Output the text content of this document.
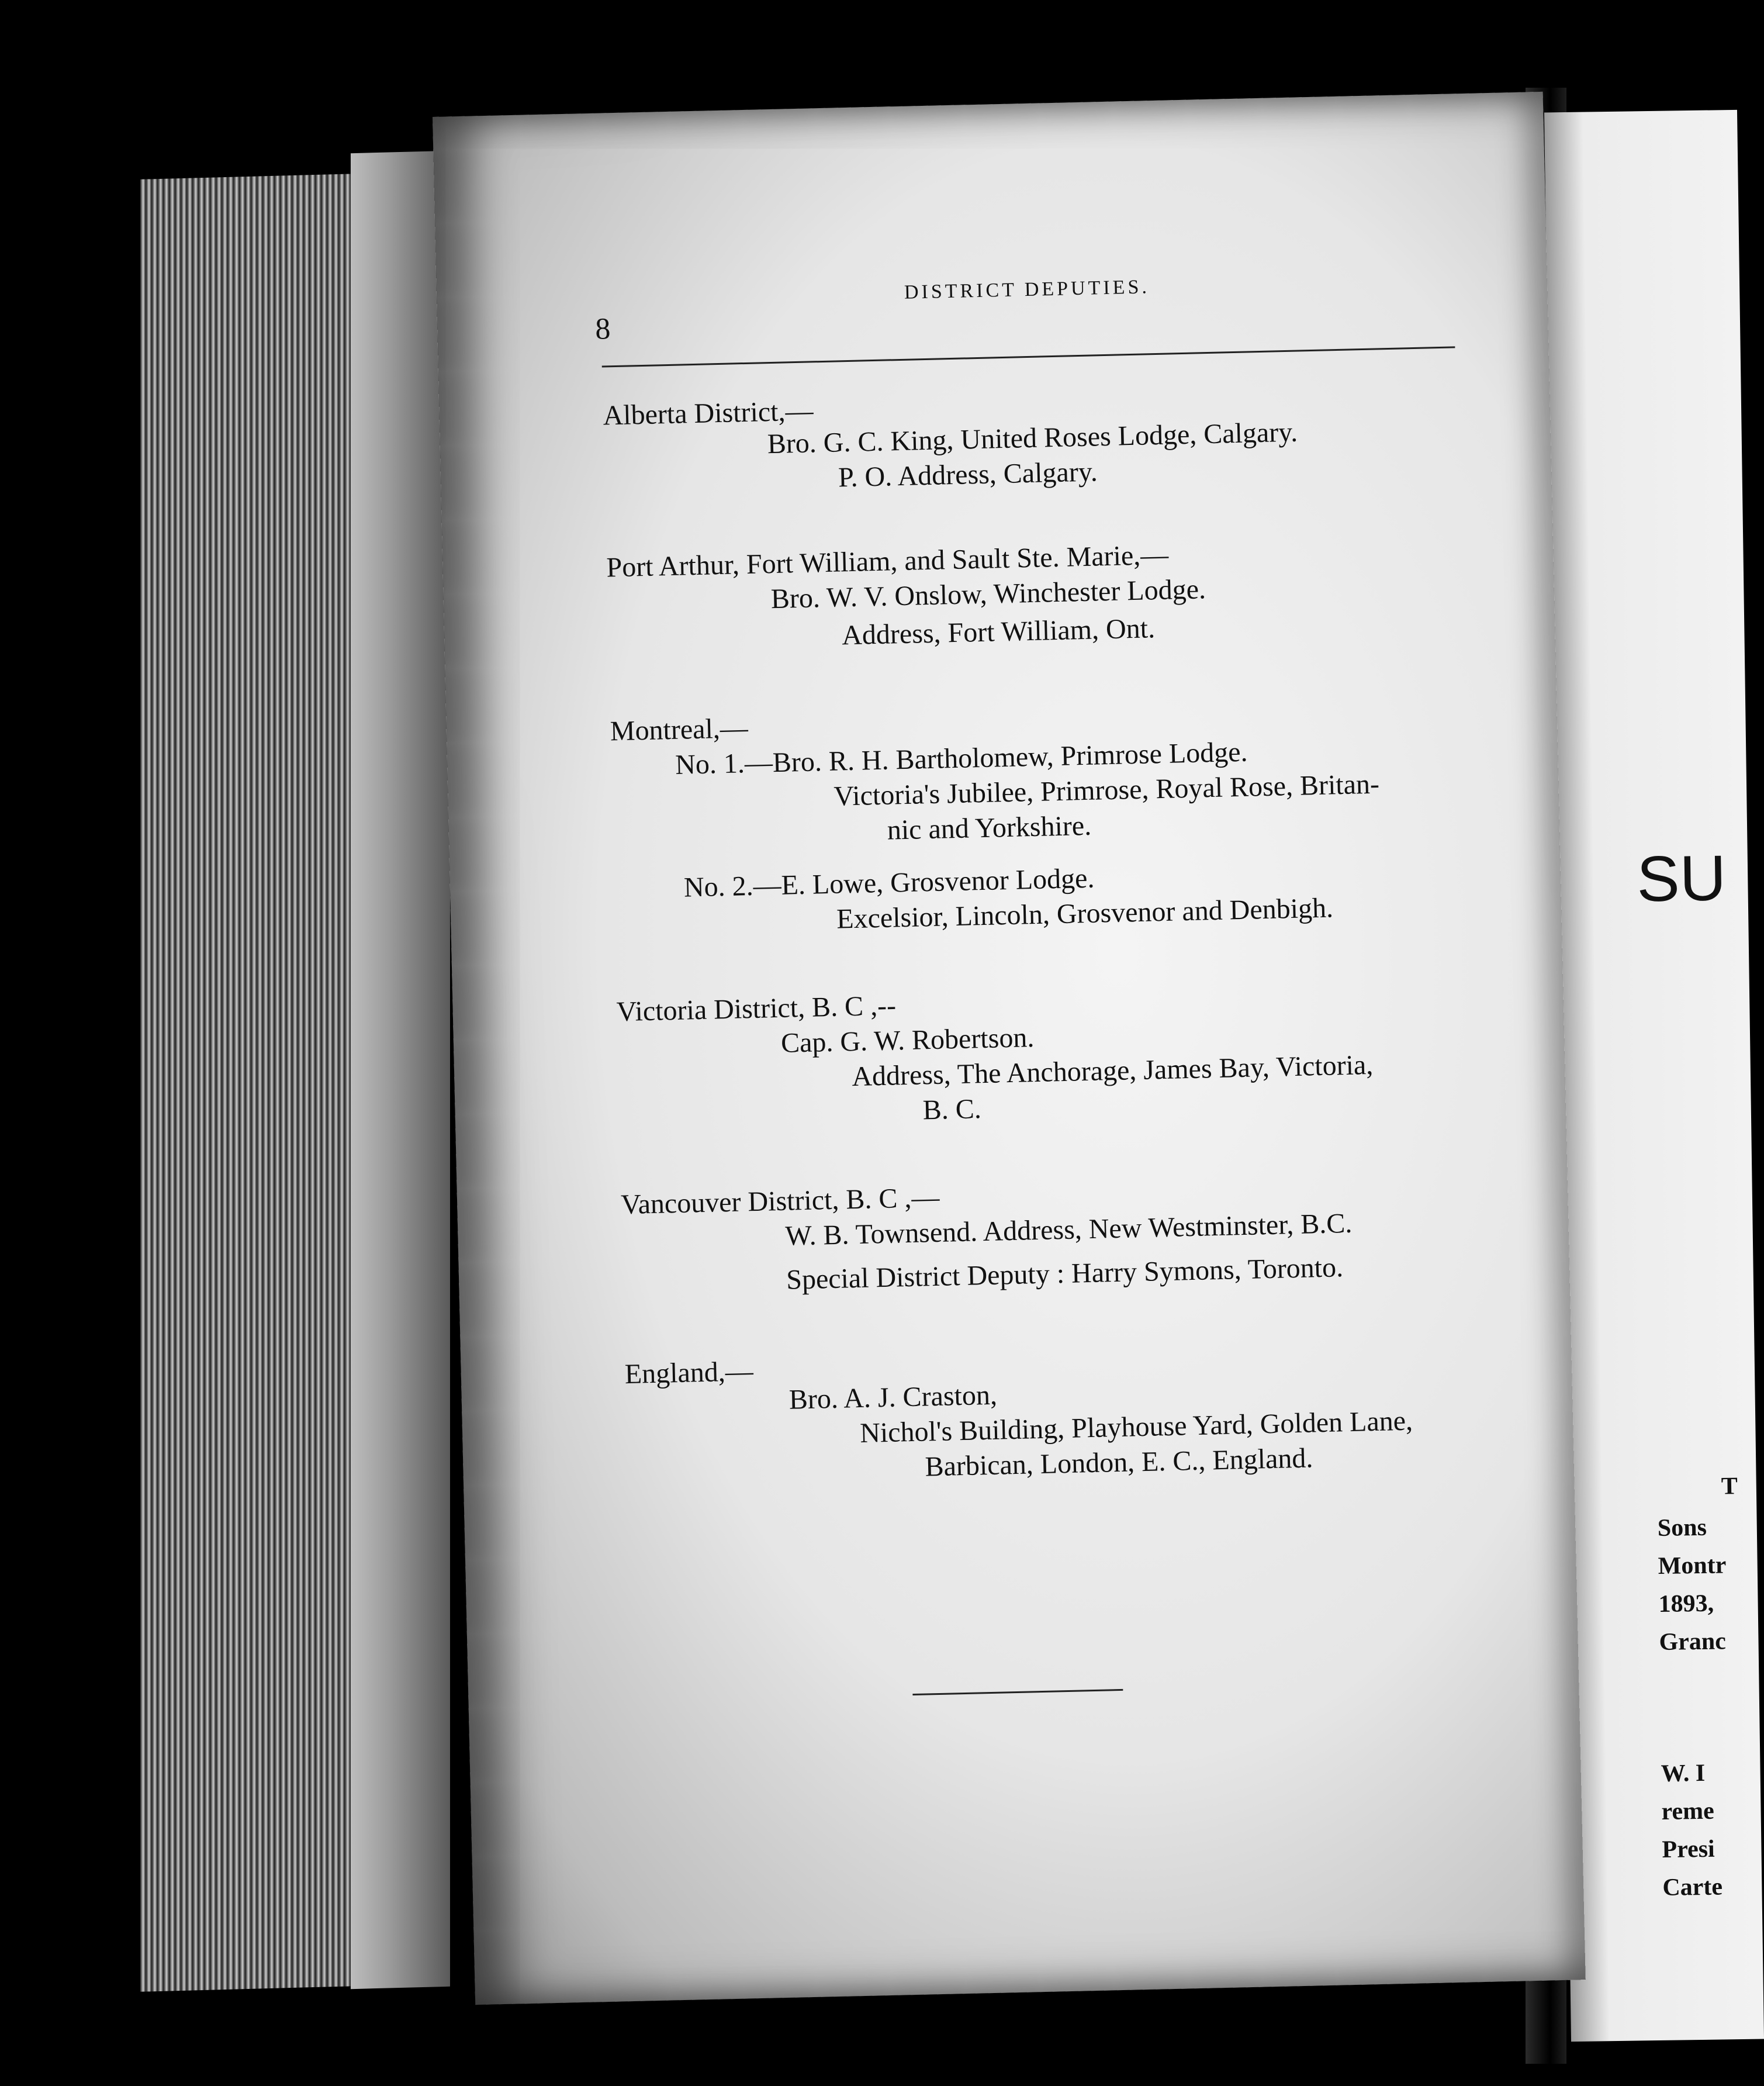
SU
T
Sons
Montr
1893,
Granc
W. I
reme
Presi
Carte
8
DISTRICT DEPUTIES.
Alberta District,—
Bro. G. C. King, United Roses Lodge, Calgary.
P. O. Address, Calgary.
Port Arthur, Fort William, and Sault Ste. Marie,—
Bro. W. V. Onslow, Winchester Lodge.
Address, Fort William, Ont.
Montreal,—
No. 1.—Bro. R. H. Bartholomew, Primrose Lodge.
Victoria's Jubilee, Primrose, Royal Rose, Britan-
nic and Yorkshire.
No. 2.—E. Lowe, Grosvenor Lodge.
Excelsior, Lincoln, Grosvenor and Denbigh.
Victoria District, B. C ,--
Cap. G. W. Robertson.
Address, The Anchorage, James Bay, Victoria,
B. C.
Vancouver District, B. C ,—
W. B. Townsend. Address, New Westminster, B.C.
Special District Deputy : Harry Symons, Toronto.
England,—
Bro. A. J. Craston,
Nichol's Building, Playhouse Yard, Golden Lane,
Barbican, London, E. C., England.
